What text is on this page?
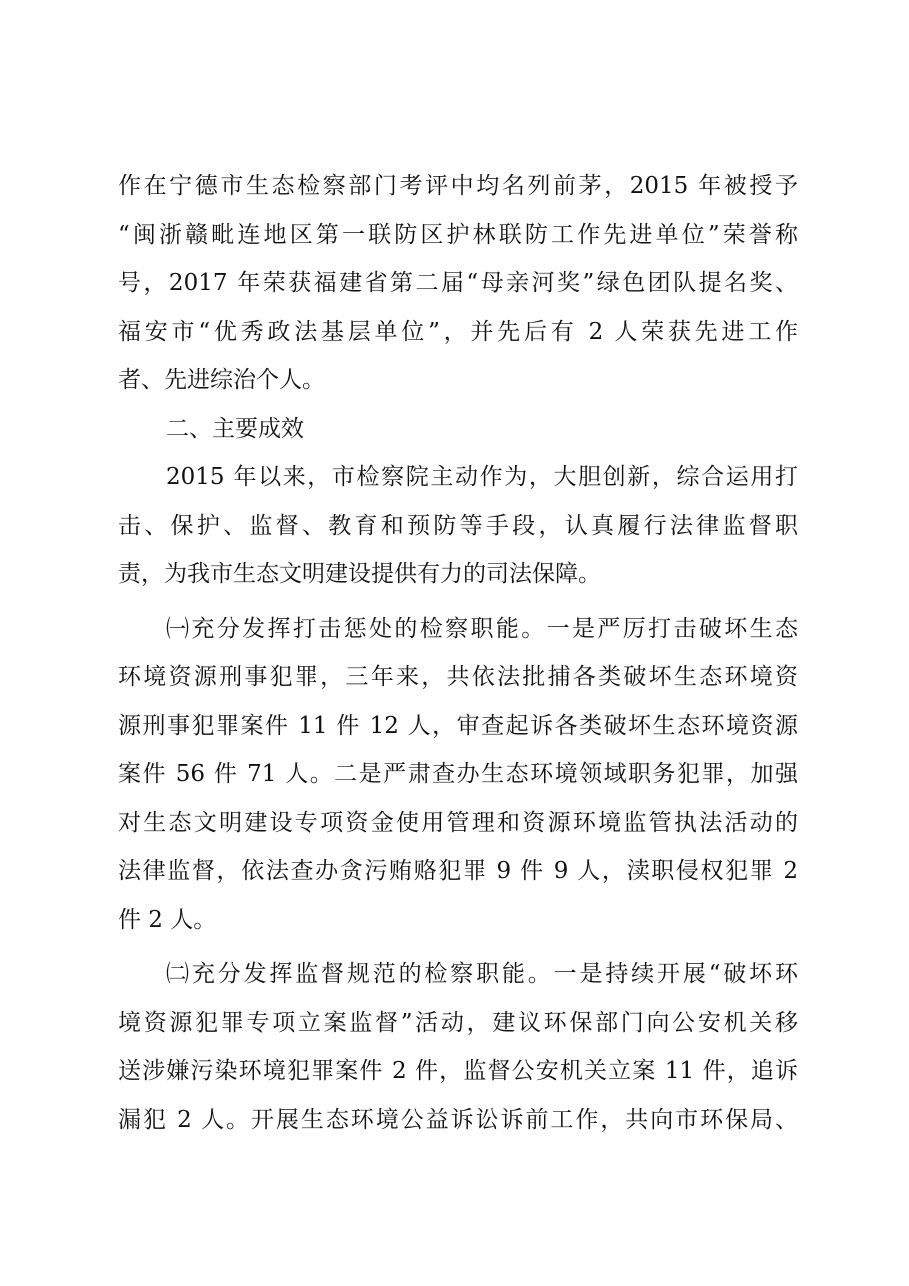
作在宁德市生态检察部门考评中均名列前茅，2015 年被授予
“闽浙赣毗连地区第一联防区护林联防工作先进单位”荣誉称
号，2017 年荣获福建省第二届“母亲河奖”绿色团队提名奖、
福安市“优秀政法基层单位”，并先后有 2 人荣获先进工作
者、先进综治个人。
二、主要成效
2015 年以来，市检察院主动作为，大胆创新，综合运用打
击、保护、监督、教育和预防等手段，认真履行法律监督职
责，为我市生态文明建设提供有力的司法保障。
㈠充分发挥打击惩处的检察职能。一是严厉打击破坏生态
环境资源刑事犯罪，三年来，共依法批捕各类破坏生态环境资
源刑事犯罪案件 11 件 12 人，审查起诉各类破坏生态环境资源
案件 56 件 71 人。二是严肃查办生态环境领域职务犯罪，加强
对生态文明建设专项资金使用管理和资源环境监管执法活动的
法律监督，依法查办贪污贿赂犯罪 9 件 9 人，渎职侵权犯罪 2
件 2 人。
㈡充分发挥监督规范的检察职能。一是持续开展“破坏环
境资源犯罪专项立案监督”活动，建议环保部门向公安机关移
送涉嫌污染环境犯罪案件 2 件，监督公安机关立案 11 件，追诉
漏犯 2 人。开展生态环境公益诉讼诉前工作，共向市环保局、
